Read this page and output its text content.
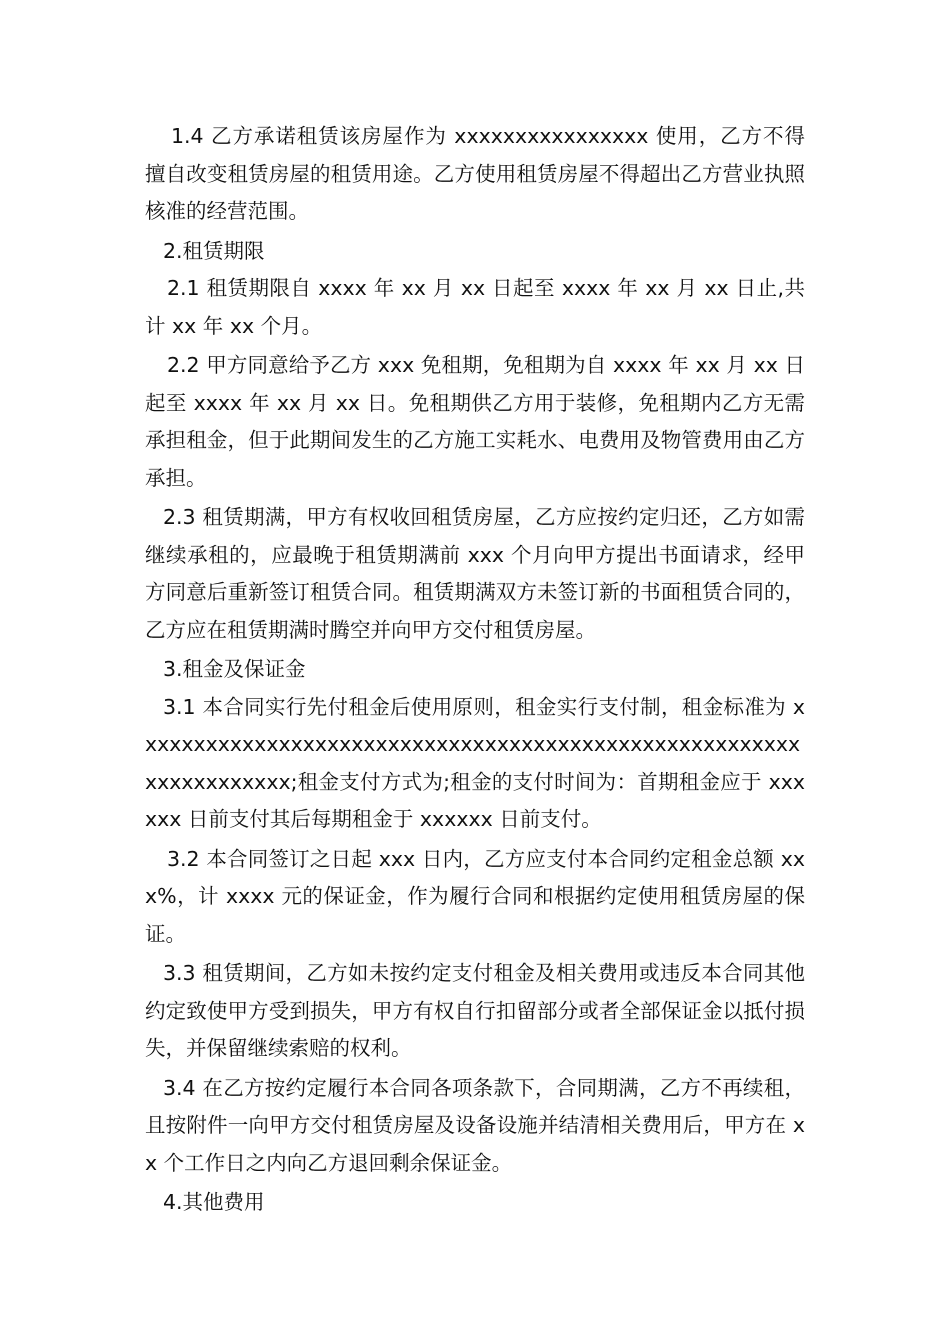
1.4 乙方承诺租赁该房屋作为 xxxxxxxxxxxxxxxx 使用，乙方不得擅自改变租赁房屋的租赁用途。乙方使用租赁房屋不得超出乙方营业执照核准的经营范围。

2.租赁期限

2.1 租赁期限自 xxxx 年 xx 月 xx 日起至 xxxx 年 xx 月 xx 日止,共计 xx 年 xx 个月。

2.2 甲方同意给予乙方 xxx 免租期，免租期为自 xxxx 年 xx 月 xx 日起至 xxxx 年 xx 月 xx 日。免租期供乙方用于装修，免租期内乙方无需承担租金，但于此期间发生的乙方施工实耗水、电费用及物管费用由乙方承担。

2.3 租赁期满，甲方有权收回租赁房屋，乙方应按约定归还，乙方如需继续承租的，应最晚于租赁期满前 xxx 个月向甲方提出书面请求，经甲方同意后重新签订租赁合同。租赁期满双方未签订新的书面租赁合同的，乙方应在租赁期满时腾空并向甲方交付租赁房屋。

3.租金及保证金

3.1 本合同实行先付租金后使用原则，租金实行支付制，租金标准为 xxxxxxxxxxxxxxxxxxxxxxxxxxxxxxxxxxxxxxxxxxxxxxxxxxxxxxxxxxxxxxxxxxx;租金支付方式为;租金的支付时间为：首期租金应于 xxxxxx 日前支付其后每期租金于 xxxxxx 日前支付。

3.2 本合同签订之日起 xxx 日内，乙方应支付本合同约定租金总额 xxx%，计 xxxx 元的保证金，作为履行合同和根据约定使用租赁房屋的保证。

3.3 租赁期间，乙方如未按约定支付租金及相关费用或违反本合同其他约定致使甲方受到损失，甲方有权自行扣留部分或者全部保证金以抵付损失，并保留继续索赔的权利。

3.4 在乙方按约定履行本合同各项条款下，合同期满，乙方不再续租，且按附件一向甲方交付租赁房屋及设备设施并结清相关费用后，甲方在 xx 个工作日之内向乙方退回剩余保证金。

4.其他费用
